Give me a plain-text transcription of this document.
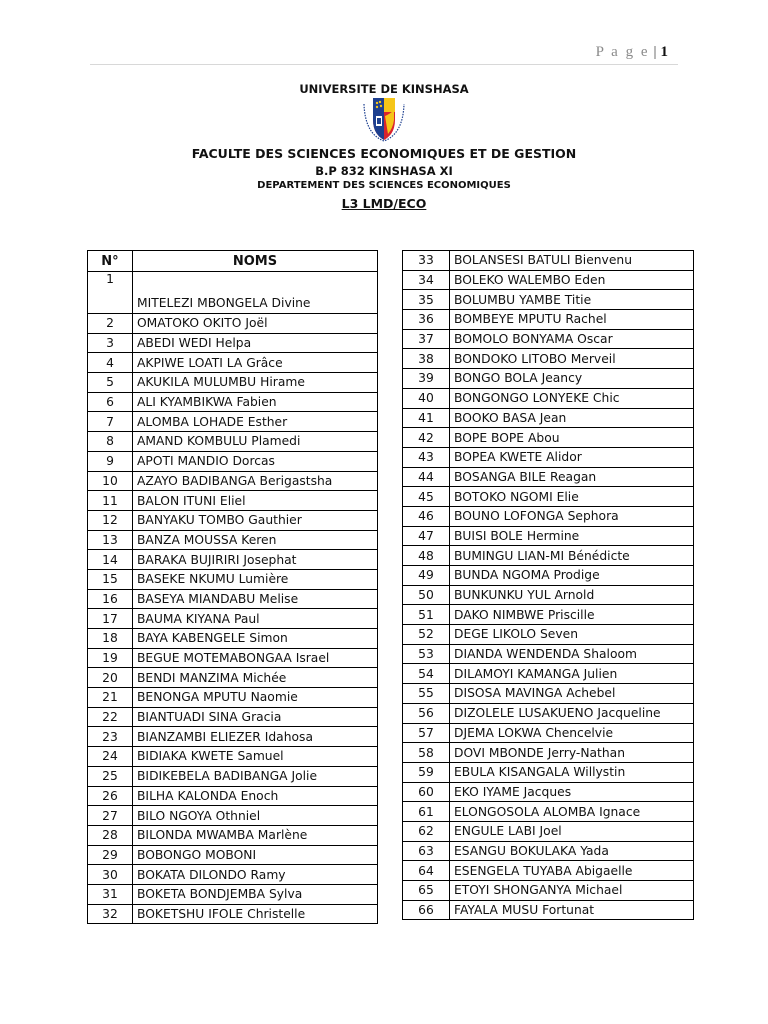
P a g e | 1
UNIVERSITE DE KINSHASA
FACULTE DES SCIENCES ECONOMIQUES ET DE GESTION
B.P 832 KINSHASA XI
DEPARTEMENT DES SCIENCES ECONOMIQUES
L3 LMD/ECO
N°	NOMS
1	MITELEZI MBONGELA Divine
2	OMATOKO OKITO Joël
3	ABEDI WEDI Helpa
4	AKPIWE LOATI LA Grâce
5	AKUKILA MULUMBU Hirame
6	ALI KYAMBIKWA Fabien
7	ALOMBA LOHADE Esther
8	AMAND KOMBULU Plamedi
9	APOTI MANDIO Dorcas
10	AZAYO BADIBANGA Berigastsha
11	BALON ITUNI Eliel
12	BANYAKU TOMBO Gauthier
13	BANZA MOUSSA Keren
14	BARAKA BUJIRIRI Josephat
15	BASEKE NKUMU Lumière
16	BASEYA MIANDABU Melise
17	BAUMA KIYANA Paul
18	BAYA KABENGELE Simon
19	BEGUE MOTEMABONGAA Israel
20	BENDI MANZIMA Michée
21	BENONGA MPUTU Naomie
22	BIANTUADI SINA Gracia
23	BIANZAMBI ELIEZER Idahosa
24	BIDIAKA KWETE Samuel
25	BIDIKEBELA BADIBANGA Jolie
26	BILHA KALONDA Enoch
27	BILO NGOYA Othniel
28	BILONDA MWAMBA Marlène
29	BOBONGO MOBONI
30	BOKATA DILONDO Ramy
31	BOKETA BONDJEMBA Sylva
32	BOKETSHU IFOLE Christelle
33	BOLANSESI BATULI Bienvenu
34	BOLEKO WALEMBO Eden
35	BOLUMBU YAMBE Titie
36	BOMBEYE MPUTU Rachel
37	BOMOLO BONYAMA Oscar
38	BONDOKO LITOBO Merveil
39	BONGO BOLA Jeancy
40	BONGONGO LONYEKE Chic
41	BOOKO BASA Jean
42	BOPE BOPE Abou
43	BOPEA KWETE Alidor
44	BOSANGA BILE Reagan
45	BOTOKO NGOMI Elie
46	BOUNO LOFONGA Sephora
47	BUISI BOLE Hermine
48	BUMINGU LIAN-MI Bénédicte
49	BUNDA NGOMA Prodige
50	BUNKUNKU YUL Arnold
51	DAKO NIMBWE Priscille
52	DEGE LIKOLO Seven
53	DIANDA WENDENDA Shaloom
54	DILAMOYI KAMANGA Julien
55	DISOSA MAVINGA Achebel
56	DIZOLELE LUSAKUENO Jacqueline
57	DJEMA LOKWA Chencelvie
58	DOVI MBONDE Jerry-Nathan
59	EBULA KISANGALA Willystin
60	EKO IYAME Jacques
61	ELONGOSOLA ALOMBA Ignace
62	ENGULE LABI Joel
63	ESANGU BOKULAKA Yada
64	ESENGELA TUYABA Abigaelle
65	ETOYI SHONGANYA Michael
66	FAYALA MUSU Fortunat
